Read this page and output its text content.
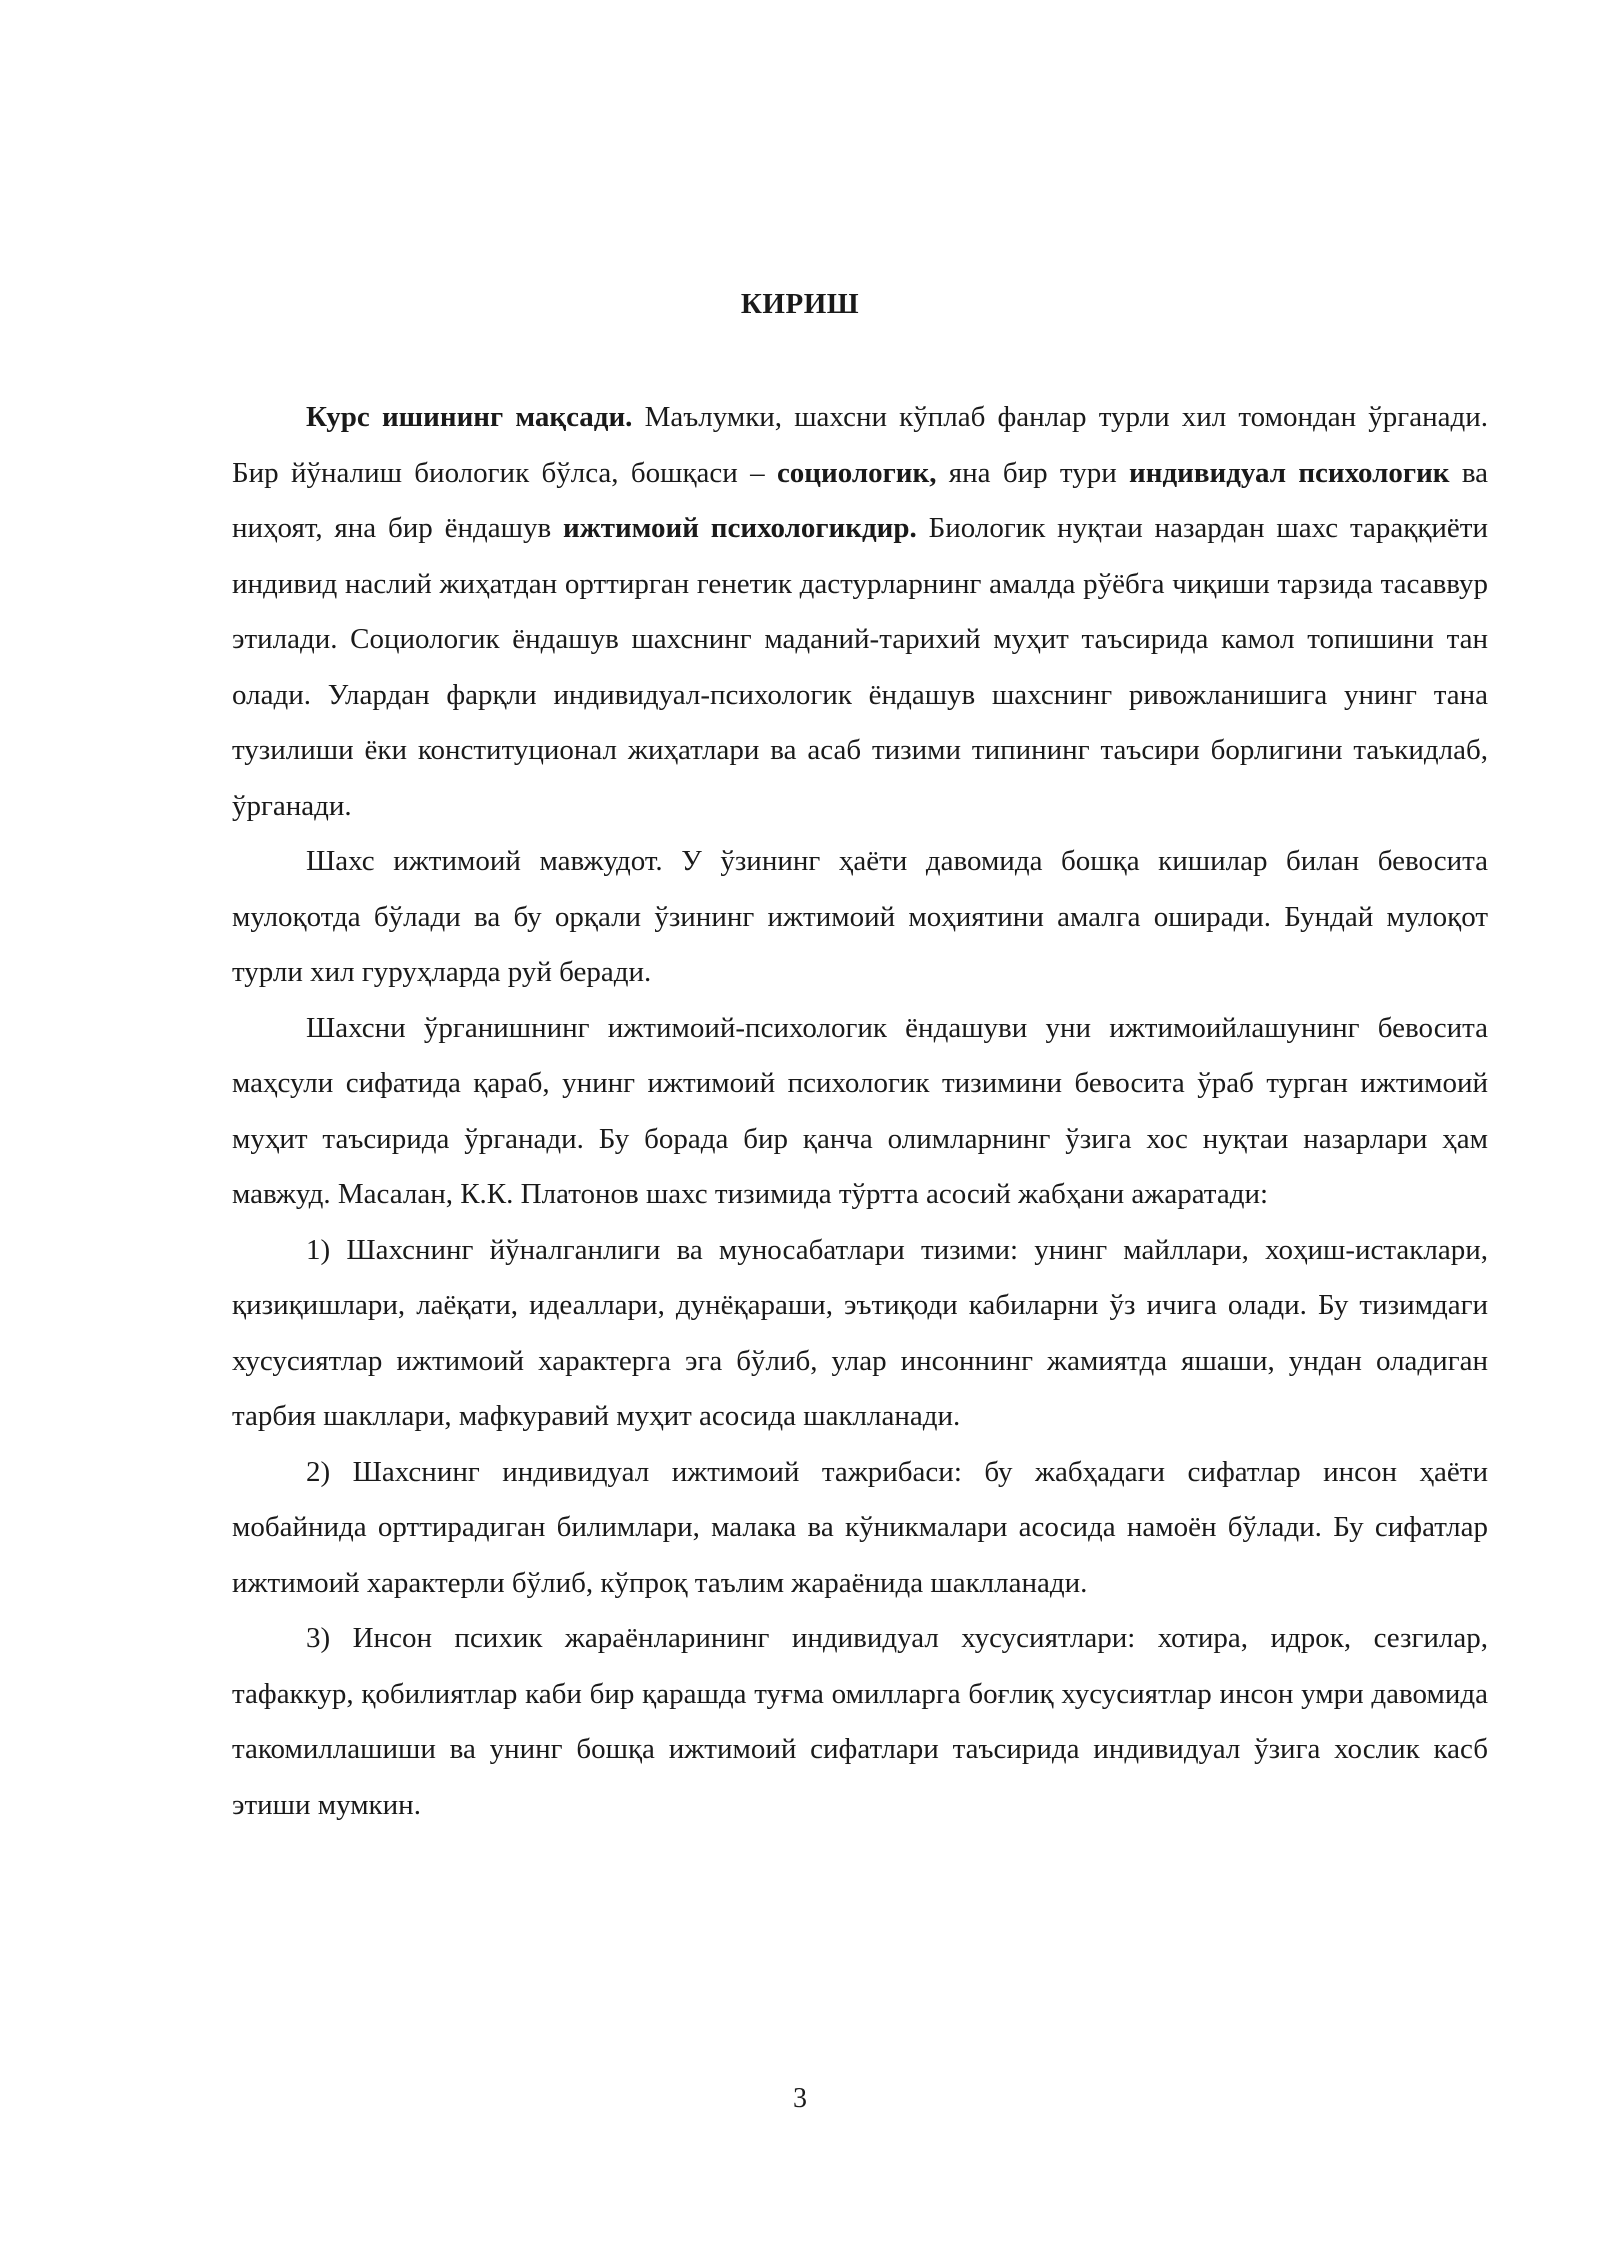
КИРИШ

Курс ишининг мақсади. Маълумки, шахсни кўплаб фанлар турли хил томондан ўрганади. Бир йўналиш биологик бўлса, бошқаси – социологик, яна бир тури индивидуал психологик ва ниҳоят, яна бир ёндашув ижтимоий психологикдир. Биологик нуқтаи назардан шахс тараққиёти индивид наслий жиҳатдан орттирган генетик дастурларнинг амалда рўёбга чиқиши тарзида тасаввур этилади. Социологик ёндашув шахснинг маданий-тарихий муҳит таъсирида камол топишини тан олади. Улардан фарқли индивидуал-психологик ёндашув шахснинг ривожланишига унинг тана тузилиши ёки конституционал жиҳатлари ва асаб тизими типининг таъсири борлигини таъкидлаб, ўрганади.

Шахс ижтимоий мавжудот. У ўзининг ҳаёти давомида бошқа кишилар билан бевосита мулоқотда бўлади ва бу орқали ўзининг ижтимоий моҳиятини амалга оширади. Бундай мулоқот турли хил гуруҳларда руй беради.

Шахсни ўрганишнинг ижтимоий-психологик ёндашуви уни ижтимоийлашунинг бевосита маҳсули сифатида қараб, унинг ижтимоий психологик тизимини бевосита ўраб турган ижтимоий муҳит таъсирида ўрганади. Бу борада бир қанча олимларнинг ўзига хос нуқтаи назарлари ҳам мавжуд. Масалан, К.К. Платонов шахс тизимида тўртта асосий жабҳани ажаратади:

1) Шахснинг йўналганлиги ва муносабатлари тизими: унинг майллари, хоҳиш-истаклари, қизиқишлари, лаёқати, идеаллари, дунёқараши, эътиқоди кабиларни ўз ичига олади. Бу тизимдаги хусусиятлар ижтимоий характерга эга бўлиб, улар инсоннинг жамиятда яшаши, ундан оладиган тарбия шакллари, мафкуравий муҳит асосида шаклланади.

2) Шахснинг индивидуал ижтимоий тажрибаси: бу жабҳадаги сифатлар инсон ҳаёти мобайнида орттирадиган билимлари, малака ва кўникмалари асосида намоён бўлади. Бу сифатлар ижтимоий характерли бўлиб, кўпроқ таълим жараёнида шаклланади.

3) Инсон психик жараёнларининг индивидуал хусусиятлари: хотира, идрок, сезгилар, тафаккур, қобилиятлар каби бир қарашда туғма омилларга боғлиқ хусусиятлар инсон умри давомида такомиллашиши ва унинг бошқа ижтимоий сифатлари таъсирида индивидуал ўзига хослик касб этиши мумкин.

3
